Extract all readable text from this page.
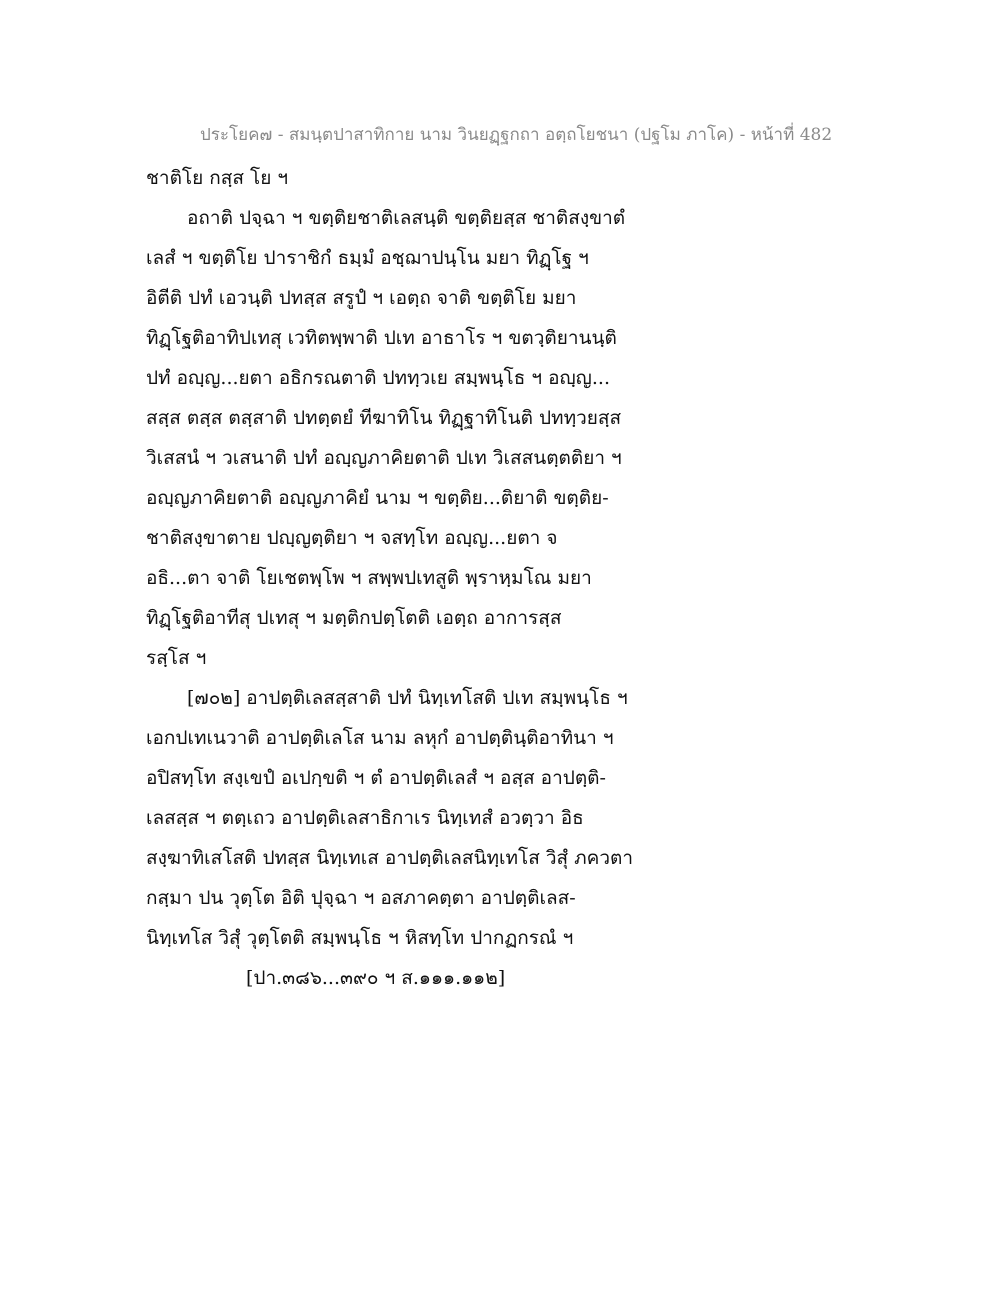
ประโยค๗ - สมนฺตปาสาทิกาย นาม วินยฏฺฐกถา อตฺถโยชนา (ปฐโม ภาโค) - หน้าที่ 482
ชาติโย กสฺส โย ฯ
อถาติ ปจฺฉา ฯ ขตฺติยชาติเลสนฺติ ขตฺติยสฺส ชาติสงฺขาตํ
เลสํ ฯ ขตฺติโย ปาราชิกํ ธมฺมํ อชฺฌาปนฺโน มยา ทิฏฺโฐ ฯ
อิตีติ ปทํ เอวนฺติ ปทสฺส สรูปํ ฯ เอตฺถ จาติ ขตฺติโย มยา
ทิฏฺโฐติอาทิปเทสุ เวทิตพฺพาติ ปเท อาธาโร ฯ ขตวฺติยานนฺติ
ปทํ อญฺญ...ยตา อธิกรณตาติ ปททฺวเย สมฺพนฺโธ ฯ อญฺญ...
สสฺส ตสฺส ตสฺสาติ ปทตฺตยํ ทีฆาทิโน ทิฏฺฐาทิโนติ ปททฺวยสฺส
วิเสสนํ ฯ วเสนาติ ปทํ อญฺญภาคิยตาติ ปเท วิเสสนตฺตติยา ฯ
อญฺญภาคิยตาติ อญฺญภาคิยํ นาม ฯ ขตฺติย...ติยาติ ขตฺติย-
ชาติสงฺขาตาย ปญฺญตฺติยา ฯ จสทฺโท อญฺญ...ยตา จ
อธิ...ตา จาติ โยเชตพฺโพ ฯ สพฺพปเทสูติ พฺราหฺมโณ มยา
ทิฏฺโฐติอาทีสุ ปเทสุ ฯ มตฺติกปตฺโตติ เอตฺถ อาการสฺส
รสฺโส ฯ
[๗๐๒] อาปตฺติเลสสฺสาติ ปทํ นิทฺเทโสติ ปเท สมฺพนฺโธ ฯ
เอกปเทเนวาติ อาปตฺติเลโส นาม ลหุกํ อาปตฺตินฺติอาทินา ฯ
อปิสทฺโท สงฺเขปํ อเปกฺขติ ฯ ตํ อาปตฺติเลสํ ฯ อสฺส อาปตฺติ-
เลสสฺส ฯ ตตฺเถว อาปตฺติเลสาธิกาเร นิทฺเทสํ อวตฺวา อิธ
สงฺฆาทิเสโสติ ปทสฺส นิทฺเทเส อาปตฺติเลสนิทฺเทโส วิสุํ ภควตา
กสฺมา ปน วุตฺโต อิติ ปุจฺฉา ฯ อสภาคตฺตา อาปตฺติเลส-
นิทฺเทโส วิสุํ วุตฺโตติ สมฺพนฺโธ ฯ หิสทฺโท ปากฏกรณํ ฯ
[ปา.๓๘๖...๓๙๐ ฯ ส.๑๑๑.๑๑๒]
